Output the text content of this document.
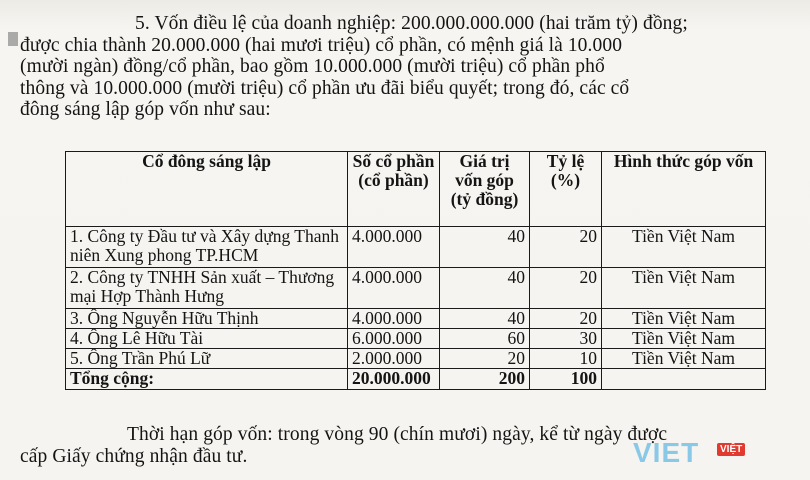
5. Vốn điều lệ của doanh nghiệp: 200.000.000.000 (hai trăm tỷ) đồng;
được chia thành 20.000.000 (hai mươi triệu) cổ phần, có mệnh giá là 10.000
(mười ngàn) đồng/cổ phần, bao gồm 10.000.000 (mười triệu) cổ phần phổ
thông và 10.000.000 (mười triệu) cổ phần ưu đãi biểu quyết; trong đó, các cổ
đông sáng lập góp vốn như sau:
Cổ đông sáng lập	Số cổ phần (cổ phần)	Giá trị vốn góp (tỷ đồng)	Tỷ lệ (%)	Hình thức góp vốn
1. Công ty Đầu tư và Xây dựng Thanh niên Xung phong TP.HCM	4.000.000	40	20	Tiền Việt Nam
2. Công ty TNHH Sản xuất – Thương mại Hợp Thành Hưng	4.000.000	40	20	Tiền Việt Nam
3. Ông Nguyễn Hữu Thịnh	4.000.000	40	20	Tiền Việt Nam
4. Ông Lê Hữu Tài	6.000.000	60	30	Tiền Việt Nam
5. Ông Trần Phú Lữ	2.000.000	20	10	Tiền Việt Nam
Tổng cộng:	20.000.000	200	100	
Thời hạn góp vốn: trong vòng 90 (chín mươi) ngày, kể từ ngày được
cấp Giấy chứng nhận đầu tư.	VIET	VIỆT
